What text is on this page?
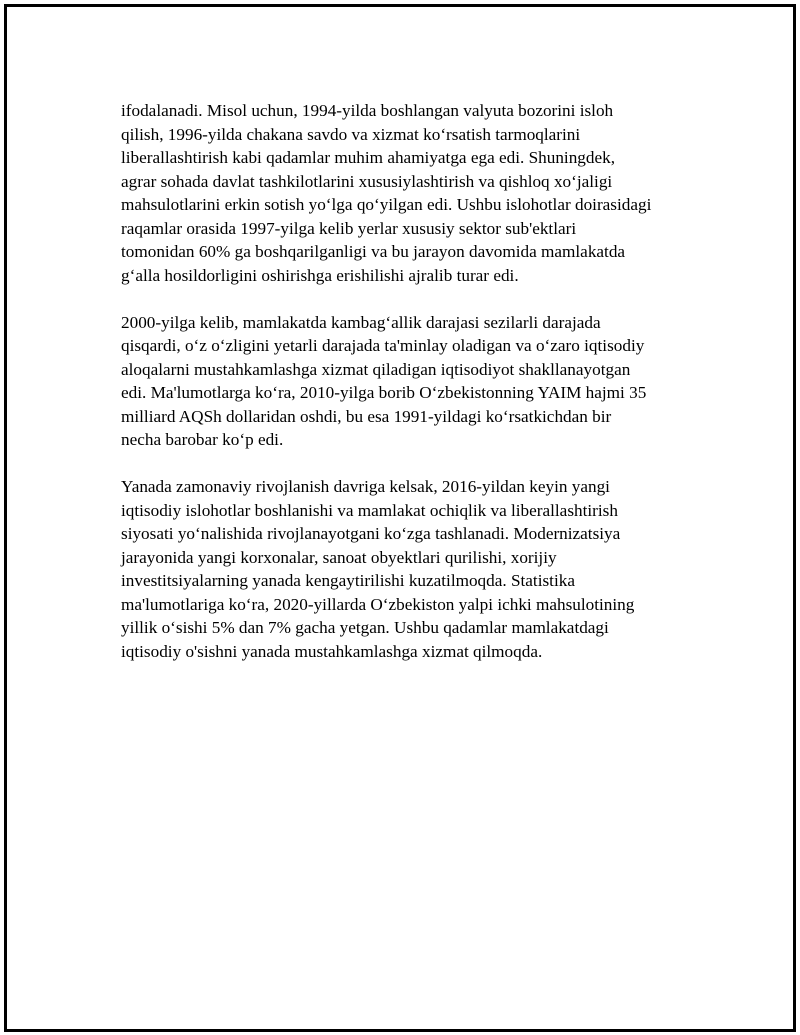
ifodalanadi. Misol uchun, 1994-yilda boshlangan valyuta bozorini isloh
qilish, 1996-yilda chakana savdo va xizmat ko‘rsatish tarmoqlarini
liberallashtirish kabi qadamlar muhim ahamiyatga ega edi. Shuningdek,
agrar sohada davlat tashkilotlarini xususiylashtirish va qishloq xo‘jaligi
mahsulotlarini erkin sotish yo‘lga qo‘yilgan edi. Ushbu islohotlar doirasidagi
raqamlar orasida 1997-yilga kelib yerlar xususiy sektor sub'ektlari
tomonidan 60% ga boshqarilganligi va bu jarayon davomida mamlakatda
g‘alla hosildorligini oshirishga erishilishi ajralib turar edi.

2000-yilga kelib, mamlakatda kambag‘allik darajasi sezilarli darajada
qisqardi, o‘z o‘zligini yetarli darajada ta'minlay oladigan va o‘zaro iqtisodiy
aloqalarni mustahkamlashga xizmat qiladigan iqtisodiyot shakllanayotgan
edi. Ma'lumotlarga ko‘ra, 2010-yilga borib O‘zbekistonning YAIM hajmi 35
milliard AQSh dollaridan oshdi, bu esa 1991-yildagi ko‘rsatkichdan bir
necha barobar ko‘p edi.

Yanada zamonaviy rivojlanish davriga kelsak, 2016-yildan keyin yangi
iqtisodiy islohotlar boshlanishi va mamlakat ochiqlik va liberallashtirish
siyosati yo‘nalishida rivojlanayotgani ko‘zga tashlanadi. Modernizatsiya
jarayonida yangi korxonalar, sanoat obyektlari qurilishi, xorijiy
investitsiyalarning yanada kengaytirilishi kuzatilmoqda. Statistika
ma'lumotlariga ko‘ra, 2020-yillarda O‘zbekiston yalpi ichki mahsulotining
yillik o‘sishi 5% dan 7% gacha yetgan. Ushbu qadamlar mamlakatdagi
iqtisodiy o'sishni yanada mustahkamlashga xizmat qilmoqda.
